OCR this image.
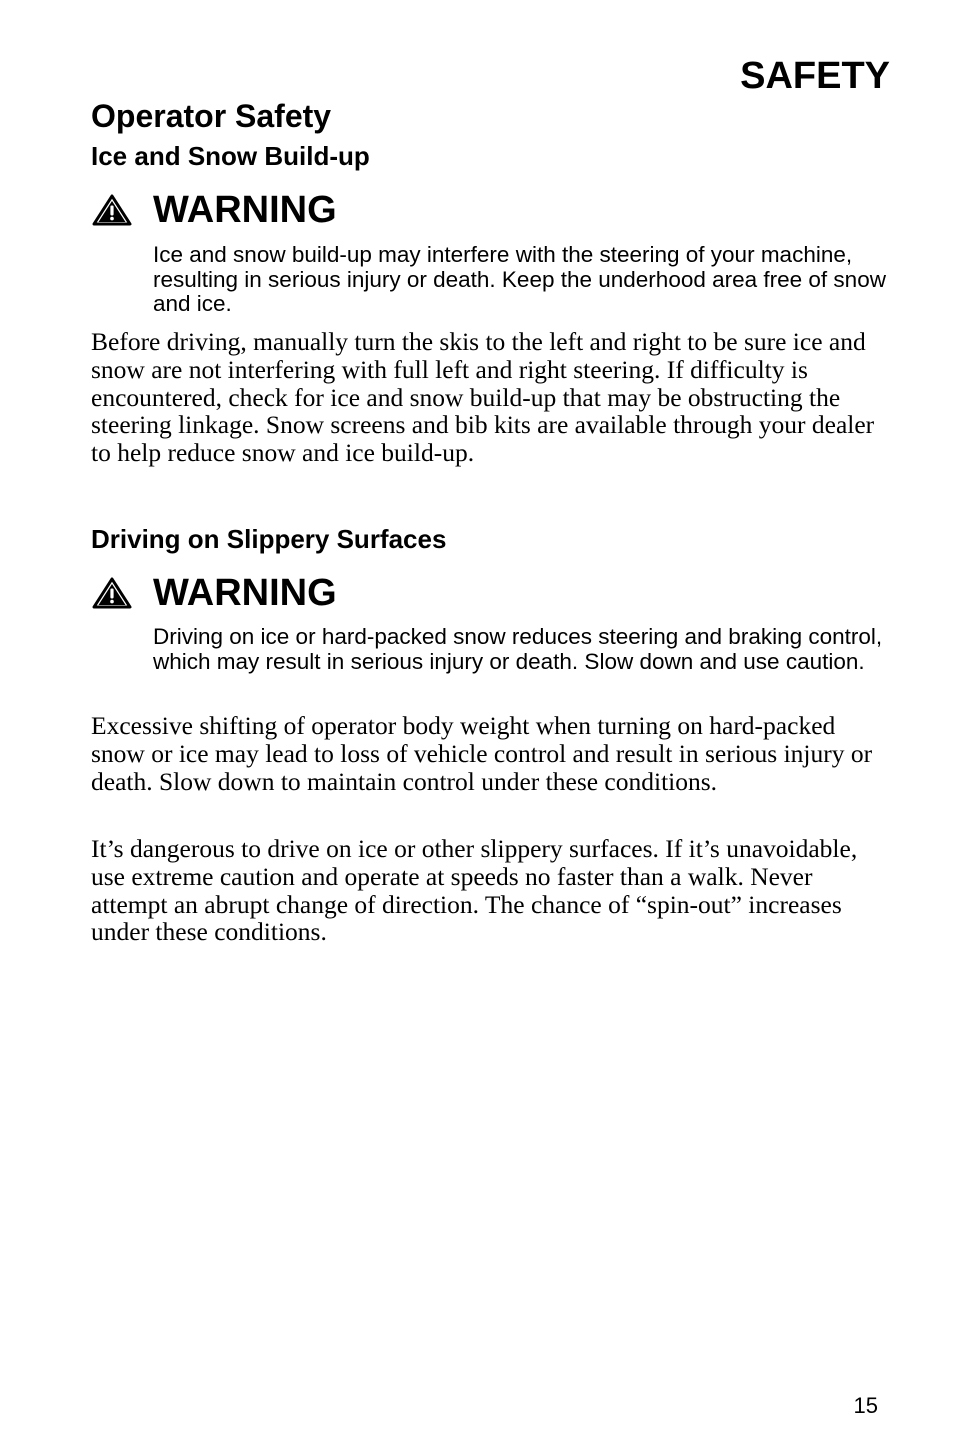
SAFETY
Operator Safety
Ice and Snow Build-up
WARNING

Ice and snow build-up may interfere with the steering of your machine, resulting in serious injury or death. Keep the underhood area free of snow and ice.

Before driving, manually turn the skis to the left and right to be sure ice and snow are not interfering with full left and right steering. If difficulty is encountered, check for ice and snow build-up that may be obstructing the steering linkage. Snow screens and bib kits are available through your dealer to help reduce snow and ice build-up.

Driving on Slippery Surfaces
WARNING

Driving on ice or hard-packed snow reduces steering and braking control, which may result in serious injury or death. Slow down and use caution.

Excessive shifting of operator body weight when turning on hard-packed snow or ice may lead to loss of vehicle control and result in serious injury or death. Slow down to maintain control under these conditions.

It’s dangerous to drive on ice or other slippery surfaces. If it’s unavoidable, use extreme caution and operate at speeds no faster than a walk. Never attempt an abrupt change of direction. The chance of “spin-out” increases under these conditions.

15
